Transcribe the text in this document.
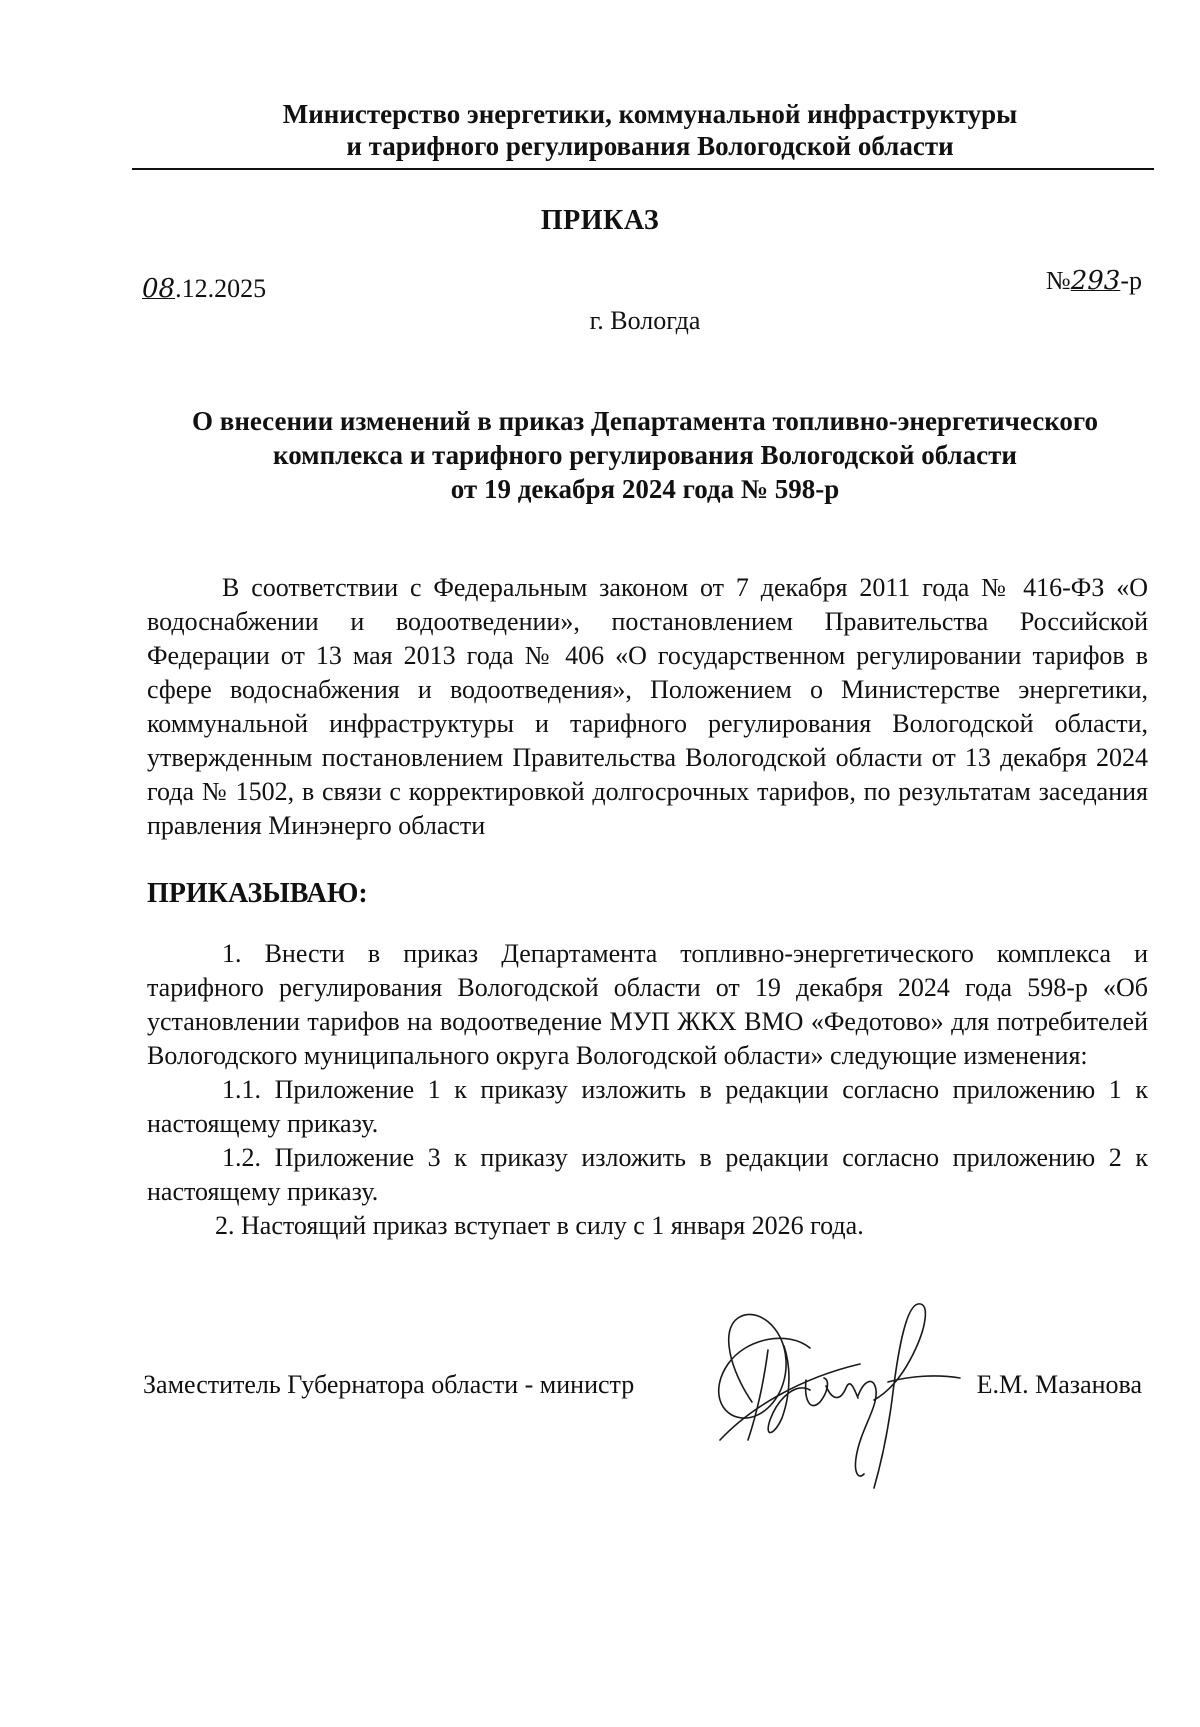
Министерство энергетики, коммунальной инфраструктуры
и тарифного регулирования Вологодской области
ПРИКАЗ
08.12.2025	№293-р
г. Вологда
О внесении изменений в приказ Департамента топливно-энергетического
комплекса и тарифного регулирования Вологодской области
от 19 декабря 2024 года № 598-р
В соответствии с Федеральным законом от 7 декабря 2011 года № 416-ФЗ «О водоснабжении и водоотведении», постановлением Правительства Российской Федерации от 13 мая 2013 года № 406 «О государственном регулировании тарифов в сфере водоснабжения и водоотведения», Положением о Министерстве энергетики, коммунальной инфраструктуры и тарифного регулирования Вологодской области, утвержденным постановлением Правительства Вологодской области от 13 декабря 2024 года № 1502, в связи с корректировкой долгосрочных тарифов, по результатам заседания правления Минэнерго области
ПРИКАЗЫВАЮ:

1. Внести в приказ Департамента топливно-энергетического комплекса и тарифного регулирования Вологодской области от 19 декабря 2024 года 598-р «Об установлении тарифов на водоотведение МУП ЖКХ ВМО «Федотово» для потребителей Вологодского муниципального округа Вологодской области» следующие изменения:

1.1. Приложение 1 к приказу изложить в редакции согласно приложению 1 к настоящему приказу.

1.2. Приложение 3 к приказу изложить в редакции согласно приложению 2 к настоящему приказу.

2. Настоящий приказ вступает в силу с 1 января 2026 года.

Заместитель Губернатора области - министр	Е.М. Мазанова
